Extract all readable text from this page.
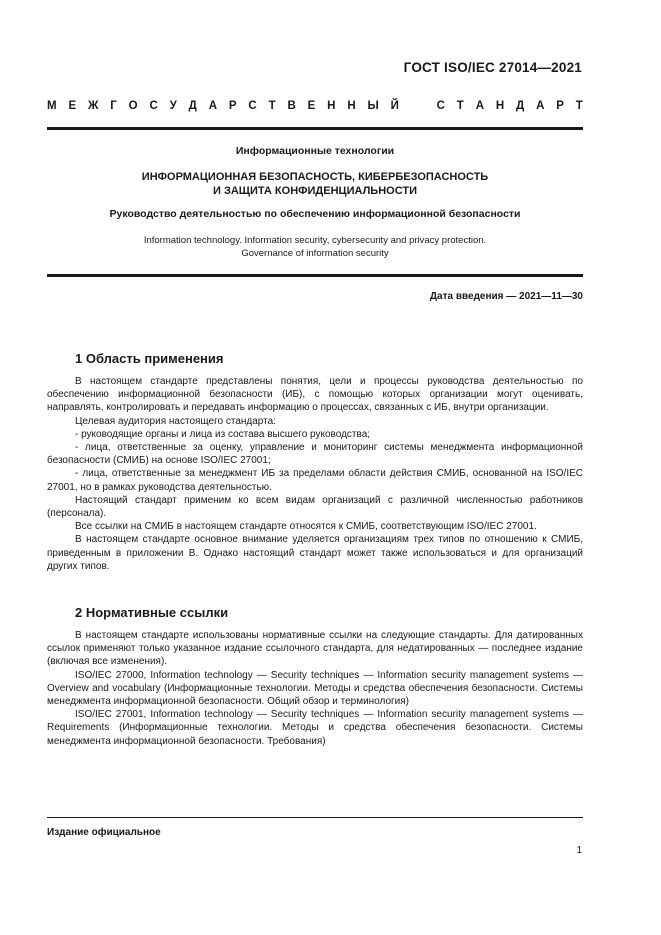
ГОСТ ISO/IEC 27014—2021
М Е Ж Г О С У Д А Р С Т В Е Н Н Ы Й	С Т А Н Д А Р Т
Информационные технологии
ИНФОРМАЦИОННАЯ БЕЗОПАСНОСТЬ, КИБЕРБЕЗОПАСНОСТЬ
И ЗАЩИТА КОНФИДЕНЦИАЛЬНОСТИ
Руководство деятельностью по обеспечению информационной безопасности
Information technology. Information security, cybersecurity and privacy protection.
Governance of information security
Дата введения — 2021—11—30
1 Область применения

В настоящем стандарте представлены понятия, цели и процессы руководства деятельностью по обеспечению информационной безопасности (ИБ), с помощью которых организации могут оценивать, направлять, контролировать и передавать информацию о процессах, связанных с ИБ, внутри организации.

Целевая аудитория настоящего стандарта:

- руководящие органы и лица из состава высшего руководства;

- лица, ответственные за оценку, управление и мониторинг системы менеджмента информационной безопасности (СМИБ) на основе ISO/IEC 27001;

- лица, ответственные за менеджмент ИБ за пределами области действия СМИБ, основанной на ISO/IEC 27001, но в рамках руководства деятельностью.

Настоящий стандарт применим ко всем видам организаций с различной численностью работников (персонала).

Все ссылки на СМИБ в настоящем стандарте относятся к СМИБ, соответствующим ISO/IEC 27001.

В настоящем стандарте основное внимание уделяется организациям трех типов по отношению к СМИБ, приведенным в приложении В. Однако настоящий стандарт может также использоваться и для организаций других типов.

2 Нормативные ссылки

В настоящем стандарте использованы нормативные ссылки на следующие стандарты. Для датированных ссылок применяют только указанное издание ссылочного стандарта, для недатированных — последнее издание (включая все изменения).

ISO/IEC 27000, Information technology — Security techniques — Information security management systems — Overview and vocabulary (Информационные технологии. Методы и средства обеспечения безопасности. Системы менеджмента информационной безопасности. Общий обзор и терминология)

ISO/IEC 27001, Information technology — Security techniques — Information security management systems — Requirements (Информационные технологии. Методы и средства обеспечения безопасности. Системы менеджмента информационной безопасности. Требования)

Издание официальное
1
